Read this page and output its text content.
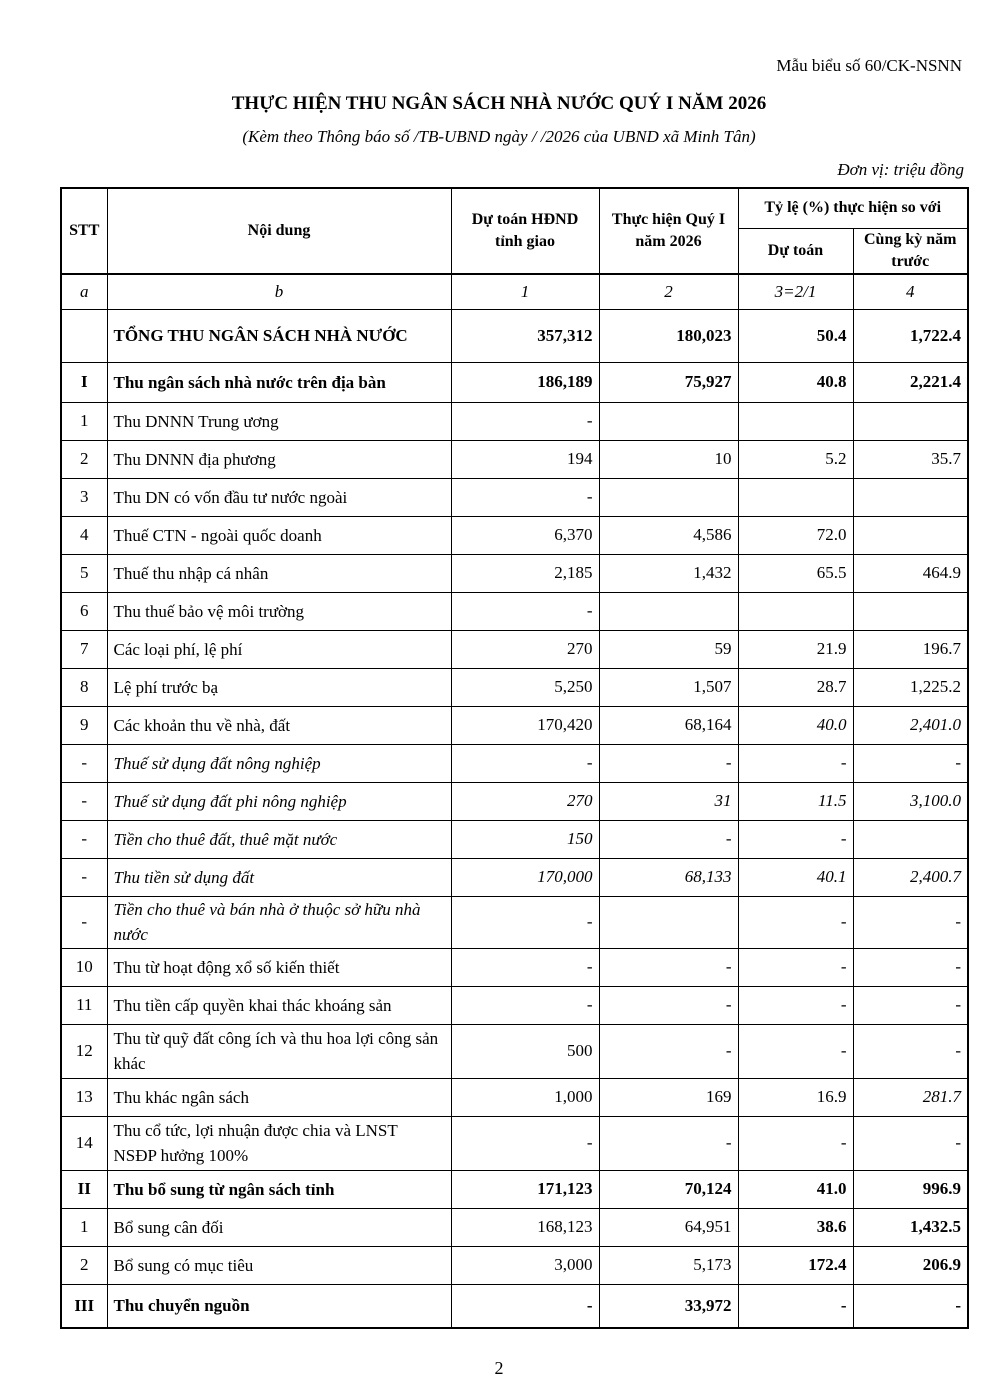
Mẫu biểu số 60/CK-NSNN
THỰC HIỆN THU NGÂN SÁCH NHÀ NƯỚC QUÝ I NĂM 2026
(Kèm theo Thông báo số /TB-UBND ngày / /2026 của UBND xã Minh Tân)
Đơn vị: triệu đồng
STT	Nội dung	Dự toán HĐND tỉnh giao	Thực hiện Quý I năm 2026	Tỷ lệ (%) thực hiện so với	
				Dự toán	Cùng kỳ năm trước
a	b	1	2	3=2/1	4
	TỔNG THU NGÂN SÁCH NHÀ NƯỚC	357,312	180,023	50.4	1,722.4
I	Thu ngân sách nhà nước trên địa bàn	186,189	75,927	40.8	2,221.4
1	Thu DNNN Trung ương	-			
2	Thu DNNN địa phương	194	10	5.2	35.7
3	Thu DN có vốn đầu tư nước ngoài	-			
4	Thuế CTN - ngoài quốc doanh	6,370	4,586	72.0	
5	Thuế thu nhập cá nhân	2,185	1,432	65.5	464.9
6	Thu thuế bảo vệ môi trường	-			
7	Các loại phí, lệ phí	270	59	21.9	196.7
8	Lệ phí trước bạ	5,250	1,507	28.7	1,225.2
9	Các khoản thu về nhà, đất	170,420	68,164	40.0	2,401.0
-	Thuế sử dụng đất nông nghiệp	-	-	-	-
-	Thuế sử dụng đất phi nông nghiệp	270	31	11.5	3,100.0
-	Tiền cho thuê đất, thuê mặt nước	150	-	-	
-	Thu tiền sử dụng đất	170,000	68,133	40.1	2,400.7
-	Tiền cho thuê và bán nhà ở thuộc sở hữu nhà nước	-		-	-
10	Thu từ hoạt động xổ số kiến thiết	-	-	-	-
11	Thu tiền cấp quyền khai thác khoáng sản	-	-	-	-
12	Thu từ quỹ đất công ích và thu hoa lợi công sản khác	500	-	-	-
13	Thu khác ngân sách	1,000	169	16.9	281.7
14	Thu cổ tức, lợi nhuận được chia và LNST NSĐP hưởng 100%	-	-	-	-
II	Thu bổ sung từ ngân sách tỉnh	171,123	70,124	41.0	996.9
1	Bổ sung cân đối	168,123	64,951	38.6	1,432.5
2	Bổ sung có mục tiêu	3,000	5,173	172.4	206.9
III	Thu chuyển nguồn	-	33,972	-	-
2
